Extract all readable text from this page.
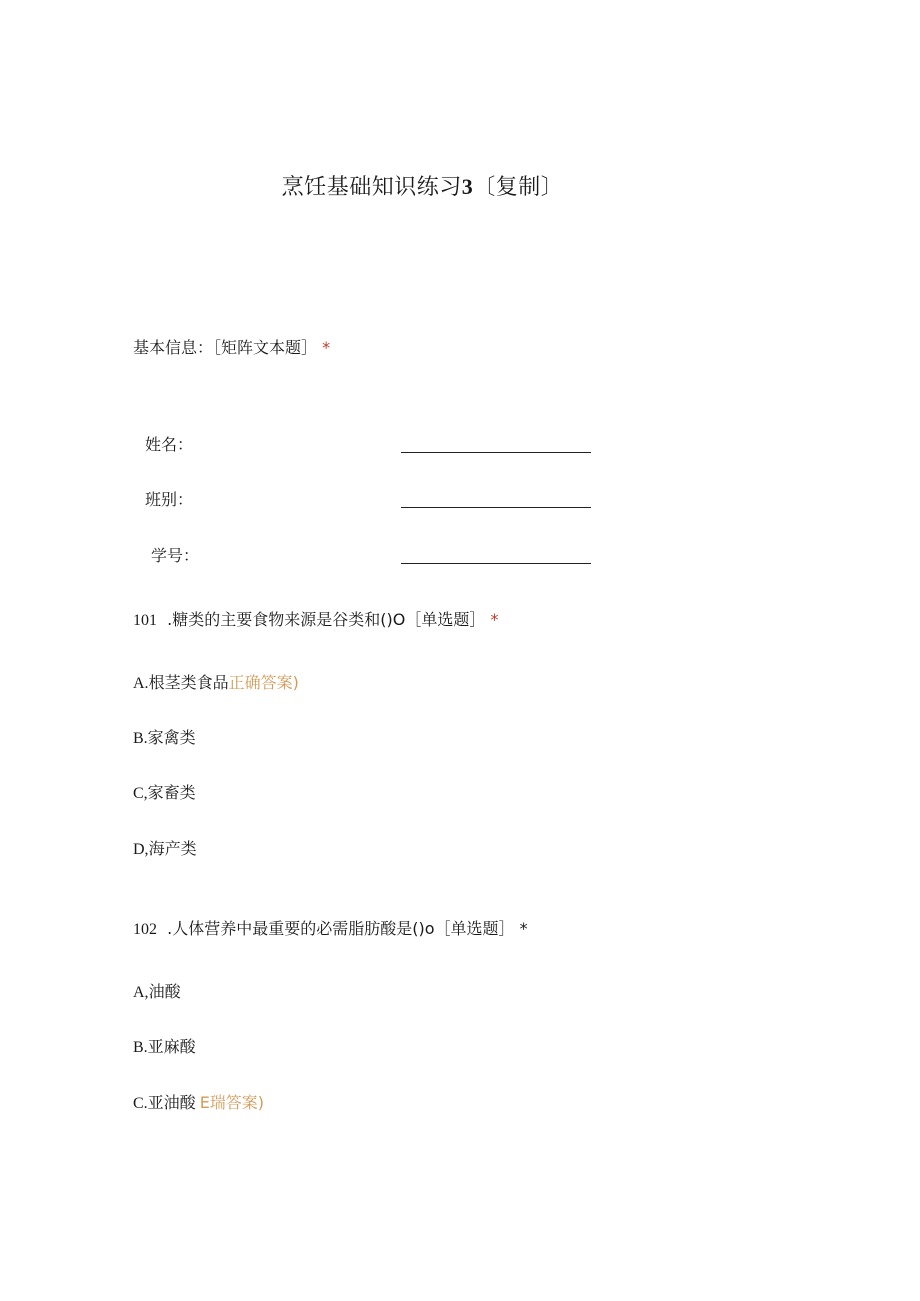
烹饪基础知识练习3〔复制〕
基本信息：［矩阵文本题］ *
姓名：
班别：
学号：
101 .糖类的主要食物来源是谷类和()O［单选题］ *
A.根茎类食品正确答案)
B.家禽类
C,家畜类
D,海产类
102 .人体营养中最重要的必需脂肪酸是()o［单选题］ *
A,油酸
B.亚麻酸
C.亚油酸 E瑞答案)
